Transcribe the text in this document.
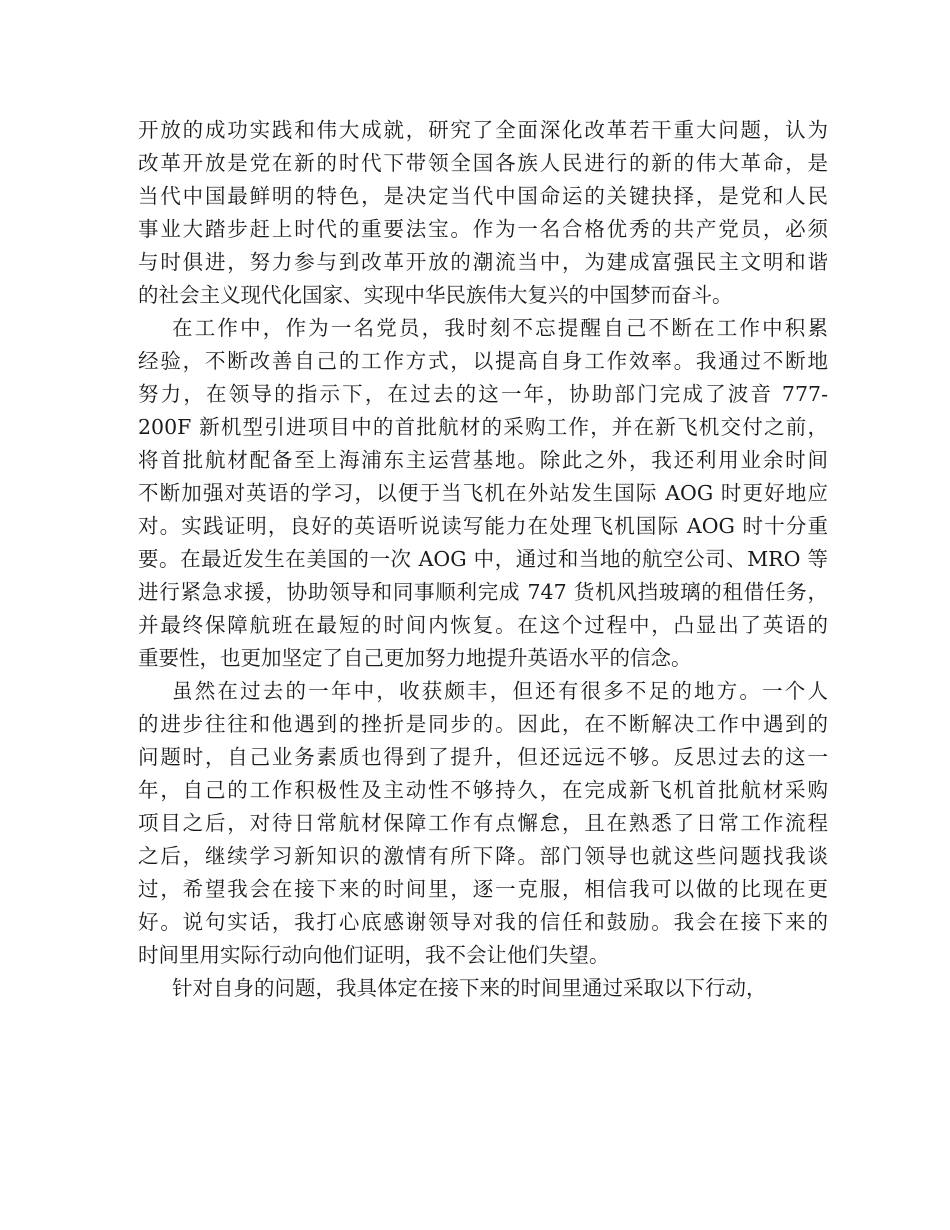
开放的成功实践和伟大成就，研究了全面深化改革若干重大问题，认为
改革开放是党在新的时代下带领全国各族人民进行的新的伟大革命，是
当代中国最鲜明的特色，是决定当代中国命运的关键抉择，是党和人民
事业大踏步赶上时代的重要法宝。作为一名合格优秀的共产党员，必须
与时俱进，努力参与到改革开放的潮流当中，为建成富强民主文明和谐
的社会主义现代化国家、实现中华民族伟大复兴的中国梦而奋斗。
在工作中，作为一名党员，我时刻不忘提醒自己不断在工作中积累
经验，不断改善自己的工作方式，以提高自身工作效率。我通过不断地
努力，在领导的指示下，在过去的这一年，协助部门完成了波音 777-
200F 新机型引进项目中的首批航材的采购工作，并在新飞机交付之前，
将首批航材配备至上海浦东主运营基地。除此之外，我还利用业余时间
不断加强对英语的学习，以便于当飞机在外站发生国际 AOG 时更好地应
对。实践证明，良好的英语听说读写能力在处理飞机国际 AOG 时十分重
要。在最近发生在美国的一次 AOG 中，通过和当地的航空公司、MRO 等
进行紧急求援，协助领导和同事顺利完成 747 货机风挡玻璃的租借任务，
并最终保障航班在最短的时间内恢复。在这个过程中，凸显出了英语的
重要性，也更加坚定了自己更加努力地提升英语水平的信念。
虽然在过去的一年中，收获颇丰，但还有很多不足的地方。一个人
的进步往往和他遇到的挫折是同步的。因此，在不断解决工作中遇到的
问题时，自己业务素质也得到了提升，但还远远不够。反思过去的这一
年，自己的工作积极性及主动性不够持久，在完成新飞机首批航材采购
项目之后，对待日常航材保障工作有点懈怠，且在熟悉了日常工作流程
之后，继续学习新知识的激情有所下降。部门领导也就这些问题找我谈
过，希望我会在接下来的时间里，逐一克服，相信我可以做的比现在更
好。说句实话，我打心底感谢领导对我的信任和鼓励。我会在接下来的
时间里用实际行动向他们证明，我不会让他们失望。
针对自身的问题，我具体定在接下来的时间里通过采取以下行动，
